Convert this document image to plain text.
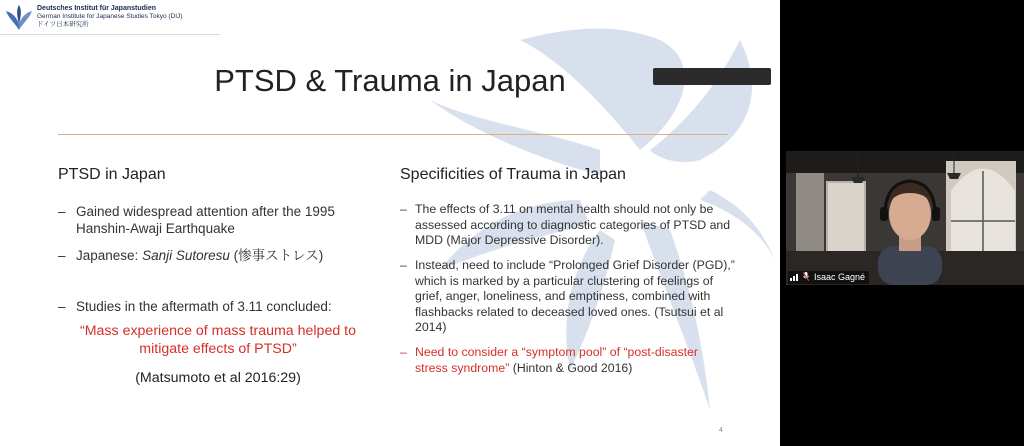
Deutsches Institut für Japanstudien
German Institute for Japanese Studies Tokyo (DIJ)
ドイツ日本研究所
PTSD & Trauma in Japan
PTSD in Japan
– Gained widespread attention after the 1995 Hanshin-Awaji Earthquake
– Japanese: Sanji Sutoresu (惨事ストレス)
– Studies in the aftermath of 3.11 concluded:
“Mass experience of mass trauma helped to mitigate effects of PTSD”
(Matsumoto et al 2016:29)
Specificities of Trauma in Japan
– The effects of 3.11 on mental health should not only be assessed according to diagnostic categories of PTSD and MDD (Major Depressive Disorder).
– Instead, need to include “Prolonged Grief Disorder (PGD),” which is marked by a particular clustering of feelings of grief, anger, loneliness, and emptiness, combined with flashbacks related to deceased loved ones. (Tsutsui et al 2014)
– Need to consider a “symptom pool” of “post-disaster stress syndrome” (Hinton & Good 2016)
4
Isaac Gagné
